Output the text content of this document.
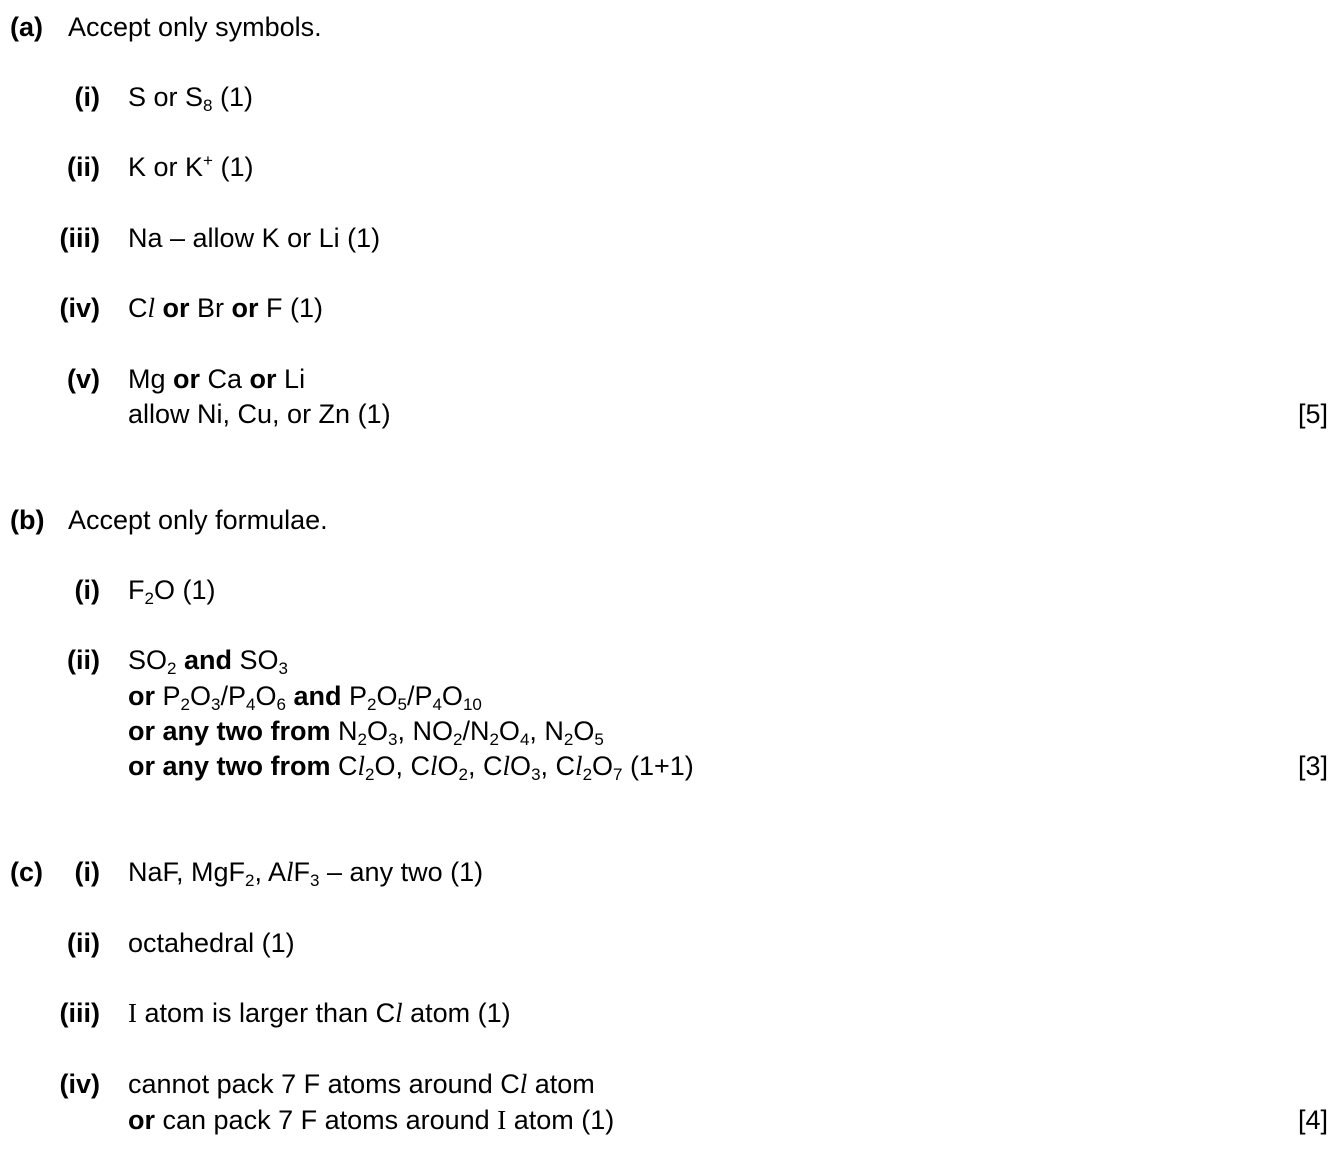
(a) Accept only symbols.
(i) S or $S_8$ (1)
(ii) K or K+ (1)
(iii) Na – allow K or Li (1)
(iv) Cl or Br or F (1)
(v) Mg or Ca or Li
allow Ni, Cu, or Zn (1)	[5]
(b) Accept only formulae.
(i) $F_2O$ (1)
(ii) $SO_2$ and $SO_3$
or $P_2O_3/P_4O_6$ and $P_2O_5/P_4O_{10}$
or any two from $N_2O_3$, $NO_2/N_2O_4$, $N_2O_5$
or any two from $Cl_2O$, ClO$_2$, ClO$_3$, $Cl_2O_7$ (1+1)	[3]
(c)	(i) NaF, MgF$_2$, AlF$_3$ – any two (1)
(ii) octahedral (1)
(iii) I atom is larger than Cl atom (1)
(iv) cannot pack 7 F atoms around Cl atom
or can pack 7 F atoms around I atom (1)	[4]
